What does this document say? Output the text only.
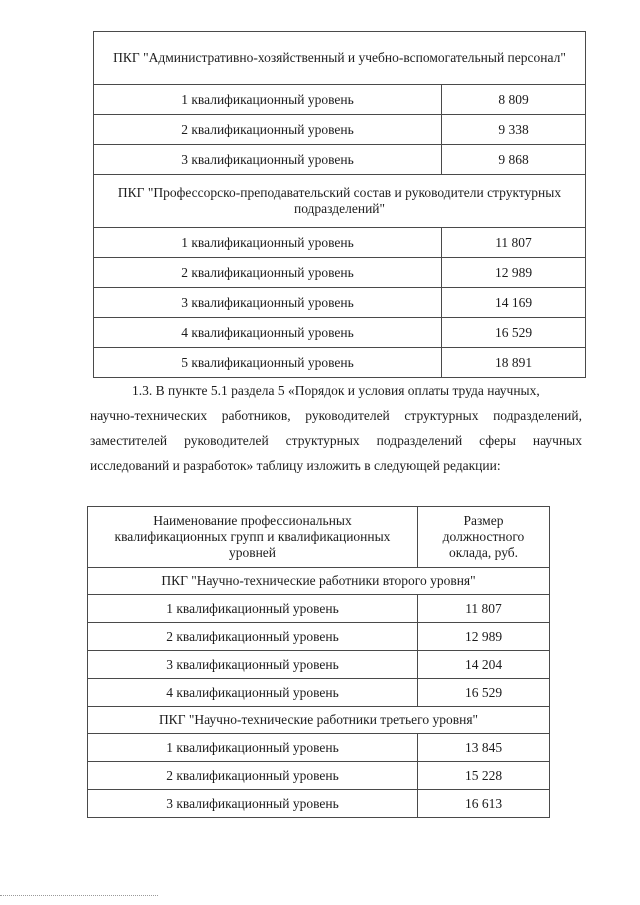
ПКГ "Административно-хозяйственный и учебно-вспомогательный персонал"	
1 квалификационный уровень	8 809
2 квалификационный уровень	9 338
3 квалификационный уровень	9 868
ПКГ "Профессорско-преподавательский состав и руководители структурных подразделений"	
1 квалификационный уровень	11 807
2 квалификационный уровень	12 989
3 квалификационный уровень	14 169
4 квалификационный уровень	16 529
5 квалификационный уровень	18 891

1.3. В пункте 5.1 раздела 5 «Порядок и условия оплаты труда научных,
научно-технических работников, руководителей структурных подразделений, заместителей руководителей структурных подразделений сферы научных исследований и разработок» таблицу изложить в следующей редакции:

Наименование профессиональных квалификационных групп и квалификационных уровней	Размер должностного оклада, руб.
ПКГ "Научно-технические работники второго уровня"	
1 квалификационный уровень	11 807
2 квалификационный уровень	12 989
3 квалификационный уровень	14 204
4 квалификационный уровень	16 529
ПКГ "Научно-технические работники третьего уровня"	
1 квалификационный уровень	13 845
2 квалификационный уровень	15 228
3 квалификационный уровень	16 613
